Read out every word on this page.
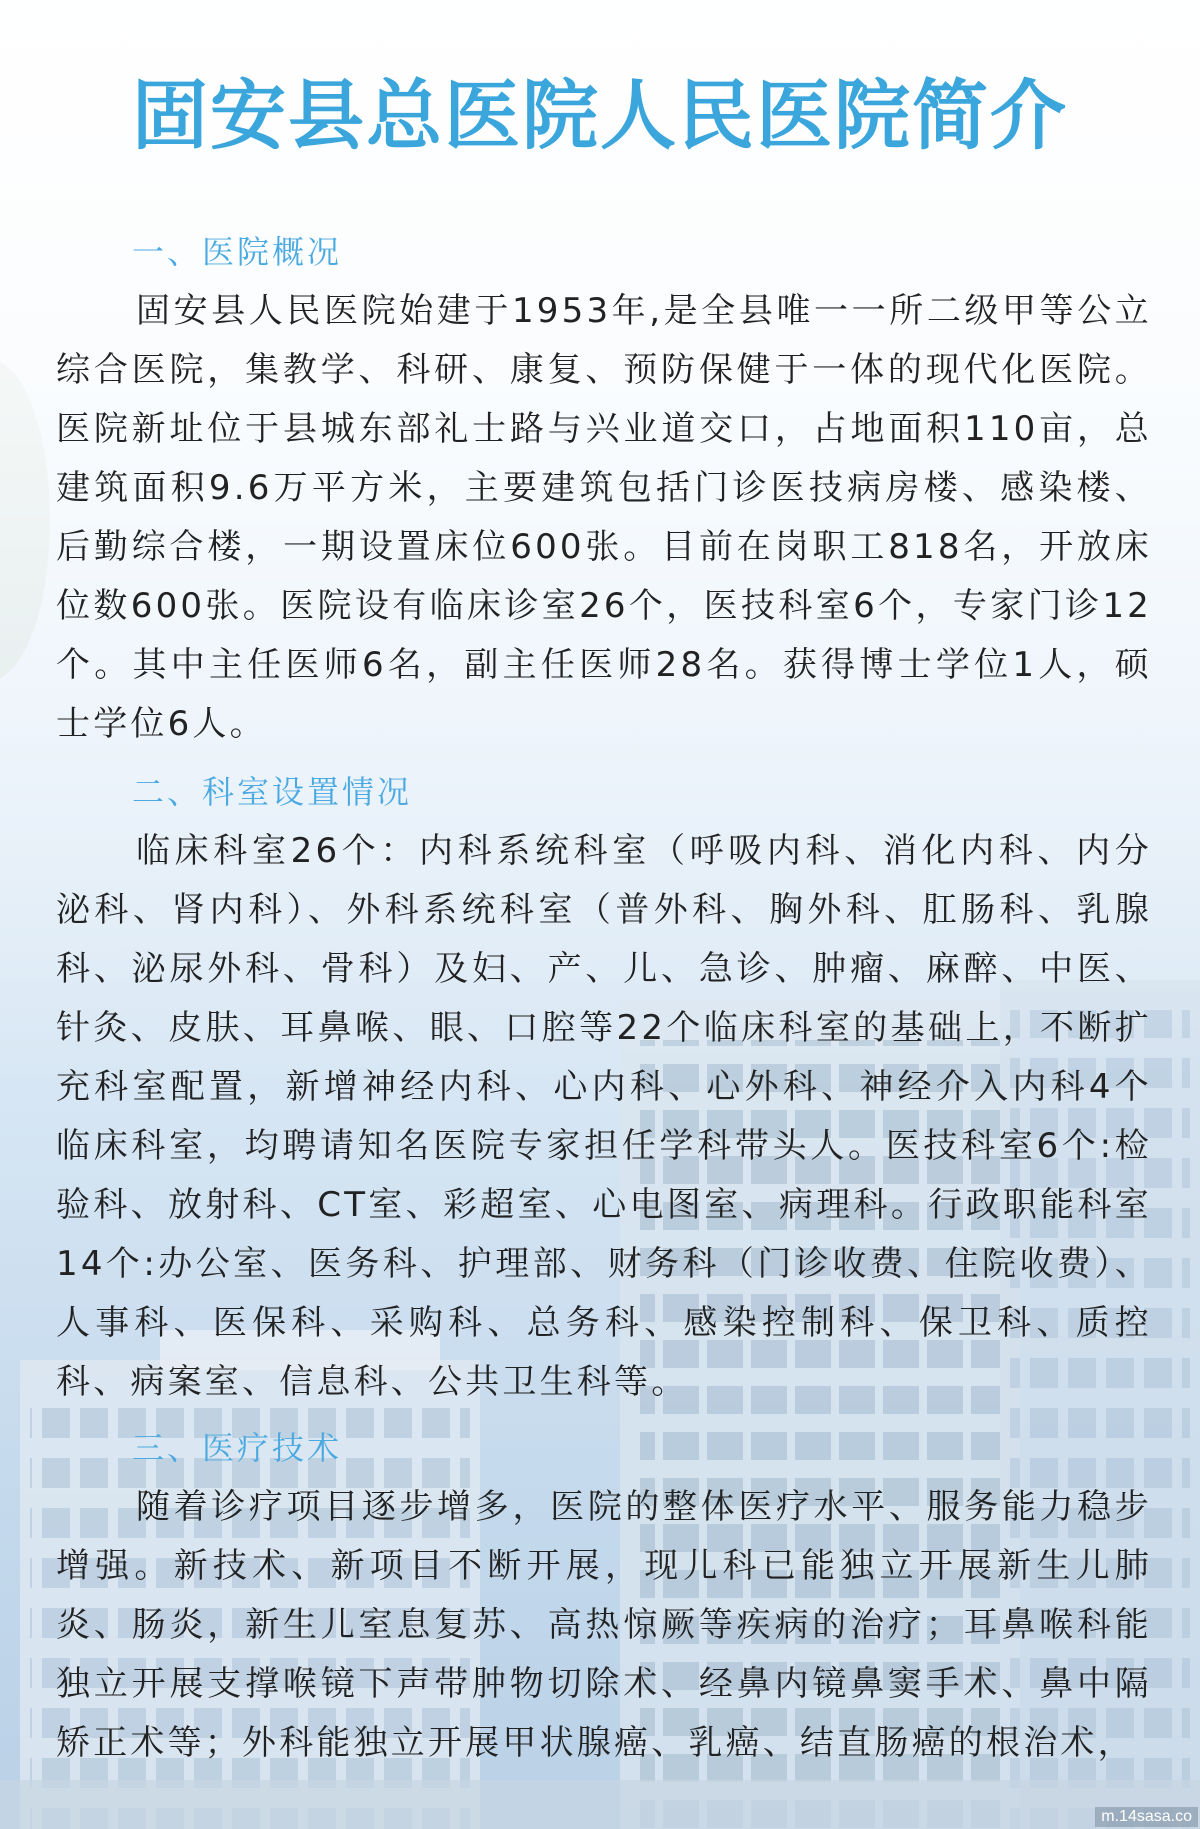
固安县总医院人民医院简介
一、医院概况

固安县人民医院始建于1953年,是全县唯一一所二级甲等公立综合医院，集教学、科研、康复、预防保健于一体的现代化医院。医院新址位于县城东部礼士路与兴业道交口，占地面积110亩，总建筑面积9.6万平方米，主要建筑包括门诊医技病房楼、感染楼、后勤综合楼，一期设置床位600张。目前在岗职工818名，开放床位数600张。医院设有临床诊室26个，医技科室6个，专家门诊12个。其中主任医师6名，副主任医师28名。获得博士学位1人，硕士学位6人。

二、科室设置情况

临床科室26个：内科系统科室（呼吸内科、消化内科、内分泌科、肾内科）、外科系统科室（普外科、胸外科、肛肠科、乳腺科、泌尿外科、骨科）及妇、产、儿、急诊、肿瘤、麻醉、中医、针灸、皮肤、耳鼻喉、眼、口腔等22个临床科室的基础上，不断扩充科室配置，新增神经内科、心内科、心外科、神经介入内科4个临床科室，均聘请知名医院专家担任学科带头人。医技科室6个:检验科、放射科、CT室、彩超室、心电图室、病理科。行政职能科室14个:办公室、医务科、护理部、财务科（门诊收费、住院收费）、人事科、医保科、采购科、总务科、感染控制科、保卫科、质控科、病案室、信息科、公共卫生科等。

三、医疗技术

随着诊疗项目逐步增多，医院的整体医疗水平、服务能力稳步增强。新技术、新项目不断开展，现儿科已能独立开展新生儿肺炎、肠炎，新生儿室息复苏、高热惊厥等疾病的治疗；耳鼻喉科能独立开展支撑喉镜下声带肿物切除术、经鼻内镜鼻窦手术、鼻中隔矫正术等；外科能独立开展甲状腺癌、乳癌、结直肠癌的根治术，

m.14sasa.co
